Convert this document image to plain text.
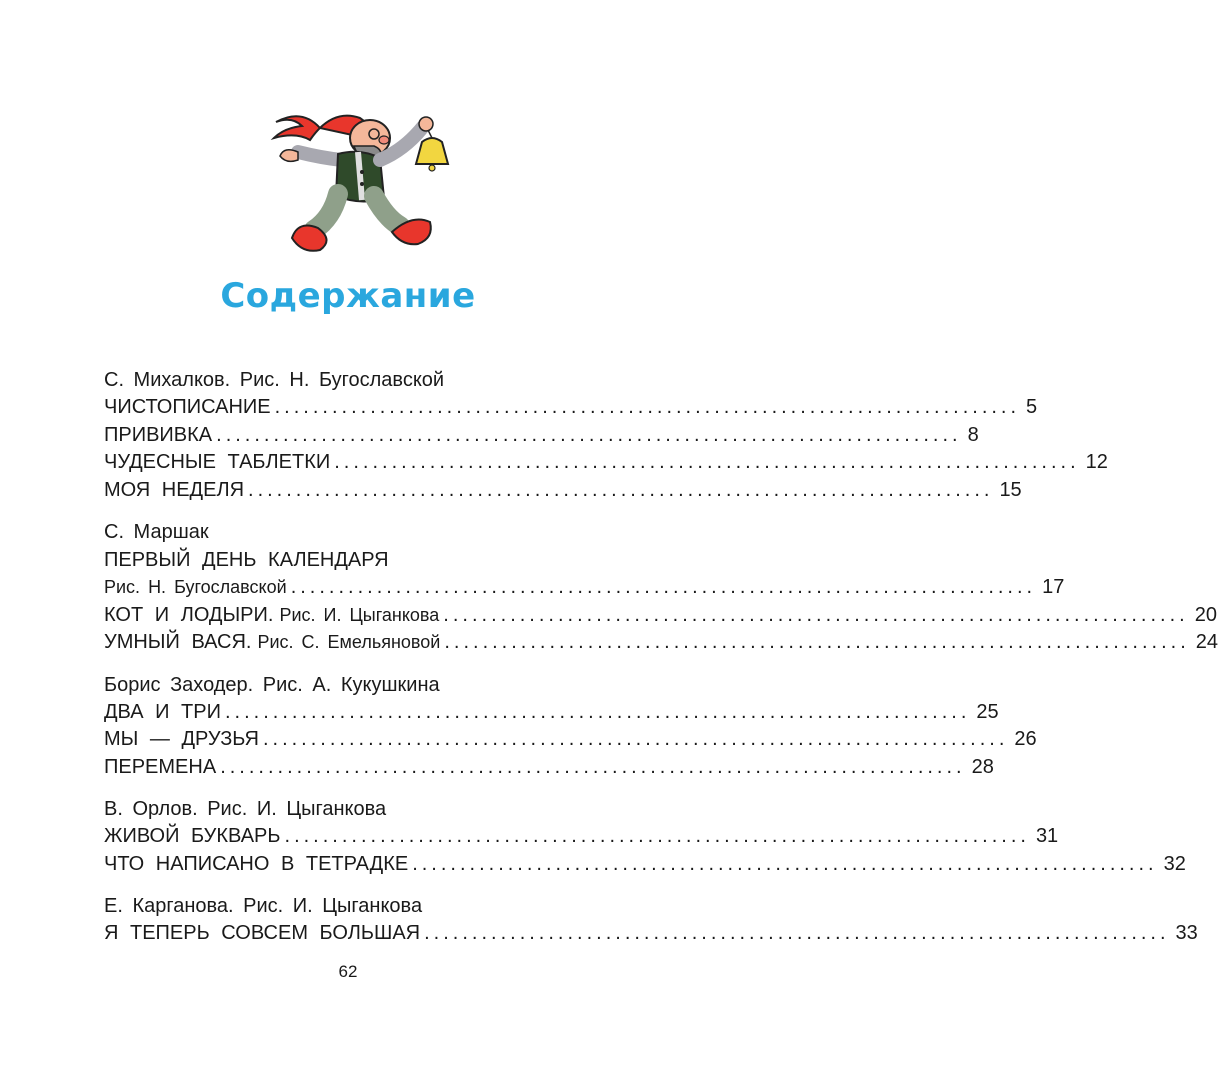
Содержание
С. Михалков. Рис. Н. Бугославской
ЧИСТОПИСАНИЕ .............................................................................. 5
ПРИВИВКА .............................................................................. 8
ЧУДЕСНЫЕ ТАБЛЕТКИ .............................................................................. 12
МОЯ НЕДЕЛЯ .............................................................................. 15
С. Маршак
ПЕРВЫЙ ДЕНЬ КАЛЕНДАРЯ
Рис. Н. Бугославской .............................................................................. 17
КОТ И ЛОДЫРИ. Рис. И. Цыганкова .............................................................................. 20
УМНЫЙ ВАСЯ. Рис. С. Емельяновой .............................................................................. 24
Борис Заходер. Рис. А. Кукушкина
ДВА И ТРИ .............................................................................. 25
МЫ — ДРУЗЬЯ .............................................................................. 26
ПЕРЕМЕНА .............................................................................. 28
В. Орлов. Рис. И. Цыганкова
ЖИВОЙ БУКВАРЬ .............................................................................. 31
ЧТО НАПИСАНО В ТЕТРАДКЕ .............................................................................. 32
Е. Карганова. Рис. И. Цыганкова
Я ТЕПЕРЬ СОВСЕМ БОЛЬШАЯ .............................................................................. 33
62
